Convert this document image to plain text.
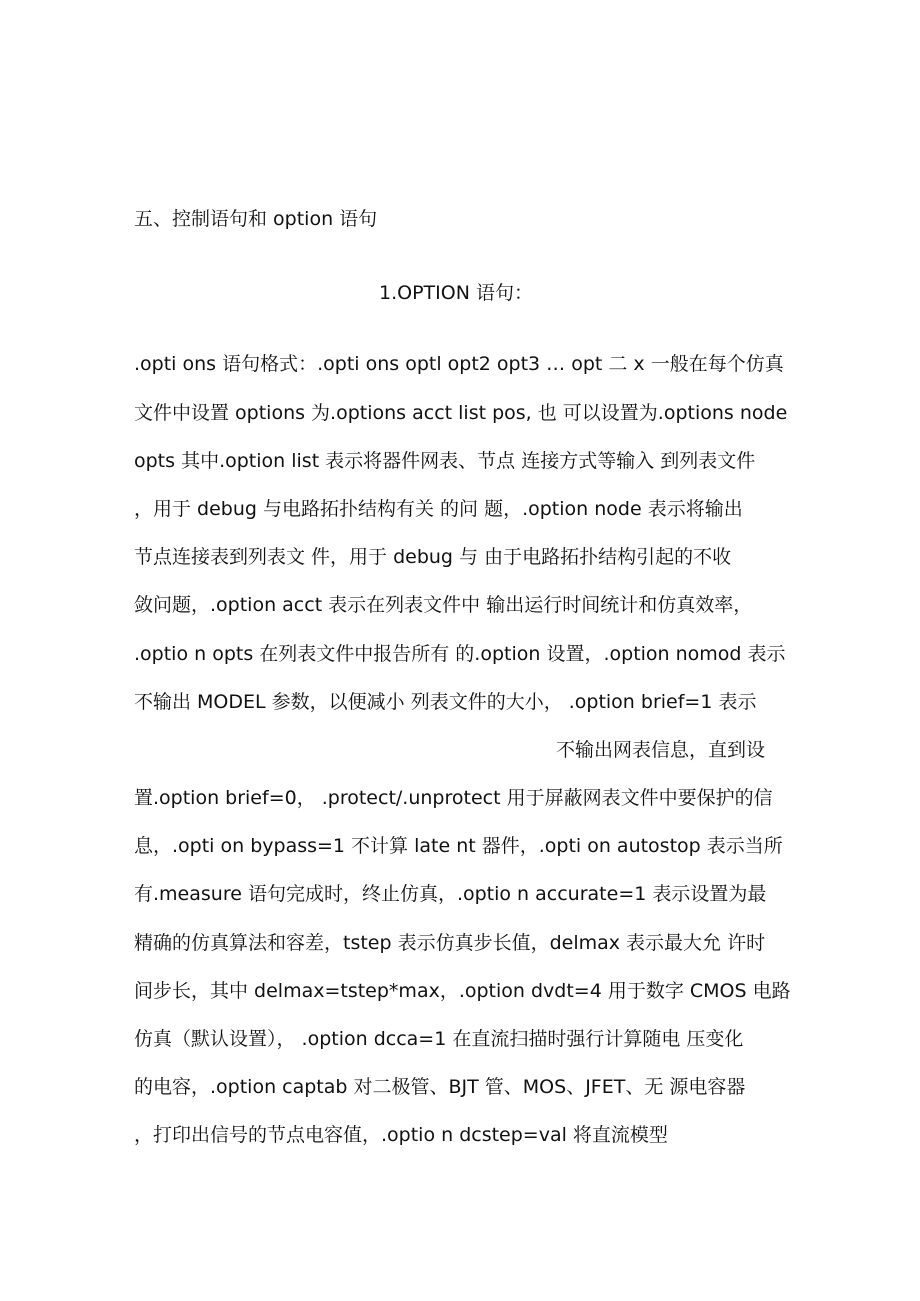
五、控制语句和 option 语句
1.OPTION 语句：
.opti ons 语句格式：.opti ons optl opt2 opt3 … opt 二 x 一般在每个仿真
文件中设置 options 为.options acct list pos, 也 可以设置为.options node
opts 其中.option list 表示将器件网表、节点 连接方式等输入 到列表文件
，用于 debug 与电路拓扑结构有关 的问 题，.option node 表示将输出
节点连接表到列表文 件，用于 debug 与 由于电路拓扑结构引起的不收
敛问题，.option acct 表示在列表文件中 输出运行时间统计和仿真效率，
.optio n opts 在列表文件中报告所有 的.option 设置，.option nomod 表示
不输出 MODEL 参数，以便减小 列表文件的大小， .option brief=1 表示
不输出网表信息，直到设
置.option brief=0， .protect/.unprotect 用于屏蔽网表文件中要保护的信
息，.opti on bypass=1 不计算 late nt 器件，.opti on autostop 表示当所
有.measure 语句完成时，终止仿真，.optio n accurate=1 表示设置为最
精确的仿真算法和容差，tstep 表示仿真步长值，delmax 表示最大允 许时
间步长，其中 delmax=tstep*max，.option dvdt=4 用于数字 CMOS 电路
仿真（默认设置）， .option dcca=1 在直流扫描时强行计算随电 压变化
的电容，.option captab 对二极管、BJT 管、MOS、JFET、无 源电容器
，打印出信号的节点电容值，.optio n dcstep=val 将直流模型
